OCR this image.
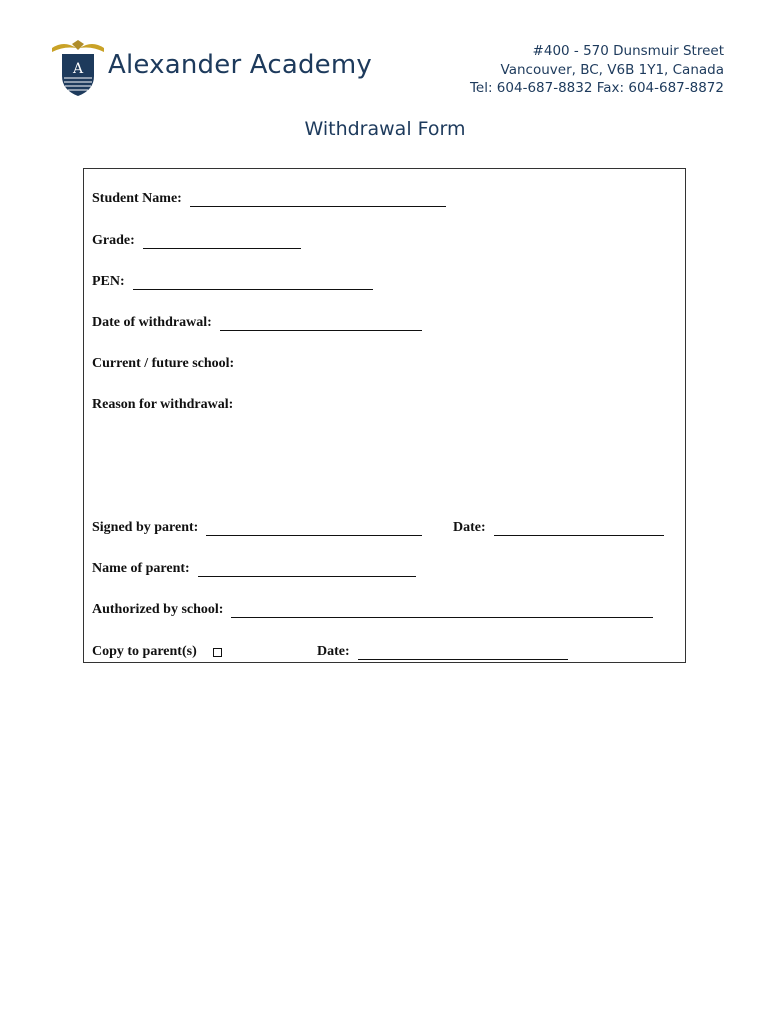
A Alexander Academy	#400 - 570 Dunsmuir Street
Vancouver, BC, V6B 1Y1, Canada
Tel: 604-687-8832 Fax: 604-687-8872
Withdrawal Form
Student Name:
Grade:
PEN:
Date of withdrawal:
Current / future school:
Reason for withdrawal:
Signed by parent:	Date:
Name of parent:
Authorized by school:
Copy to parent(s)	Date:
